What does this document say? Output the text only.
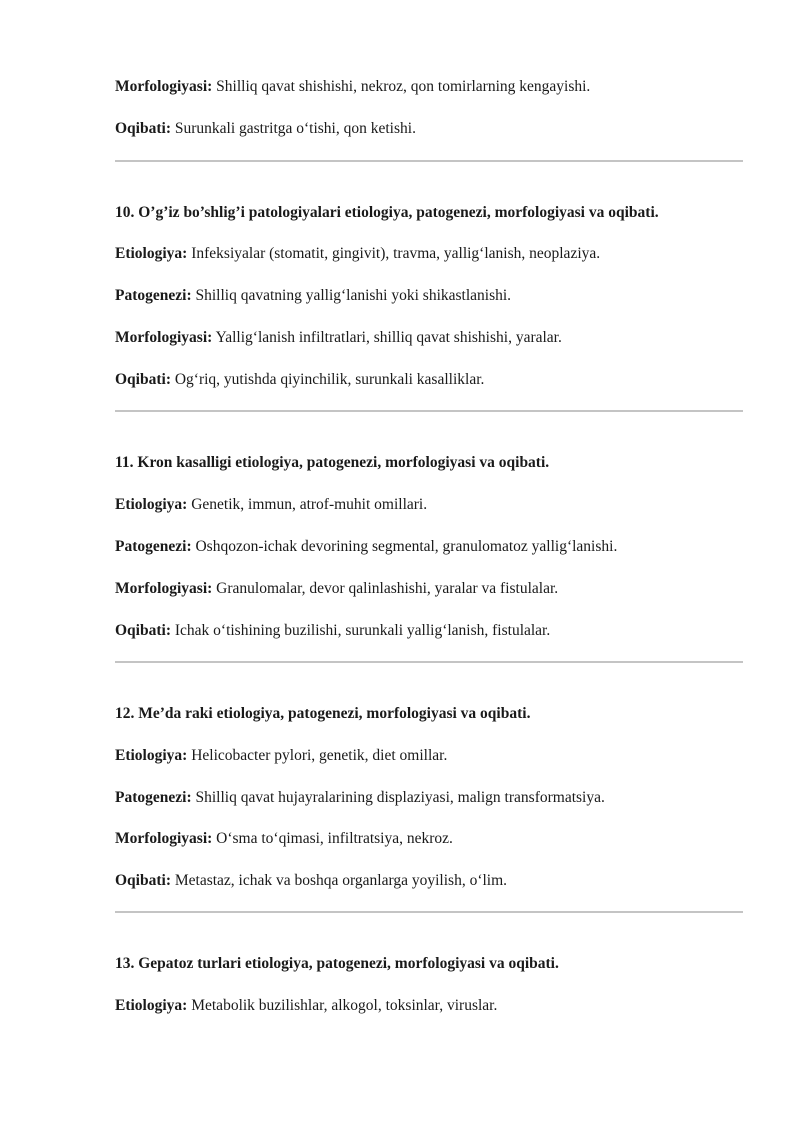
Morfologiyasi: Shilliq qavat shishishi, nekroz, qon tomirlarning kengayishi.
Oqibati: Surunkali gastritga o‘tishi, qon ketishi.
10. O’g’iz bo’shlig’i patologiyalari etiologiya, patogenezi, morfologiyasi va oqibati.
Etiologiya: Infeksiyalar (stomatit, gingivit), travma, yallig‘lanish, neoplaziya.
Patogenezi: Shilliq qavatning yallig‘lanishi yoki shikastlanishi.
Morfologiyasi: Yallig‘lanish infiltratlari, shilliq qavat shishishi, yaralar.
Oqibati: Og‘riq, yutishda qiyinchilik, surunkali kasalliklar.
11. Kron kasalligi etiologiya, patogenezi, morfologiyasi va oqibati.
Etiologiya: Genetik, immun, atrof-muhit omillari.
Patogenezi: Oshqozon-ichak devorining segmental, granulomatoz yallig‘lanishi.
Morfologiyasi: Granulomalar, devor qalinlashishi, yaralar va fistulalar.
Oqibati: Ichak o‘tishining buzilishi, surunkali yallig‘lanish, fistulalar.
12. Me’da raki etiologiya, patogenezi, morfologiyasi va oqibati.
Etiologiya: Helicobacter pylori, genetik, diet omillar.
Patogenezi: Shilliq qavat hujayralarining displaziyasi, malign transformatsiya.
Morfologiyasi: O‘sma to‘qimasi, infiltratsiya, nekroz.
Oqibati: Metastaz, ichak va boshqa organlarga yoyilish, o‘lim.
13. Gepatoz turlari etiologiya, patogenezi, morfologiyasi va oqibati.
Etiologiya: Metabolik buzilishlar, alkogol, toksinlar, viruslar.
